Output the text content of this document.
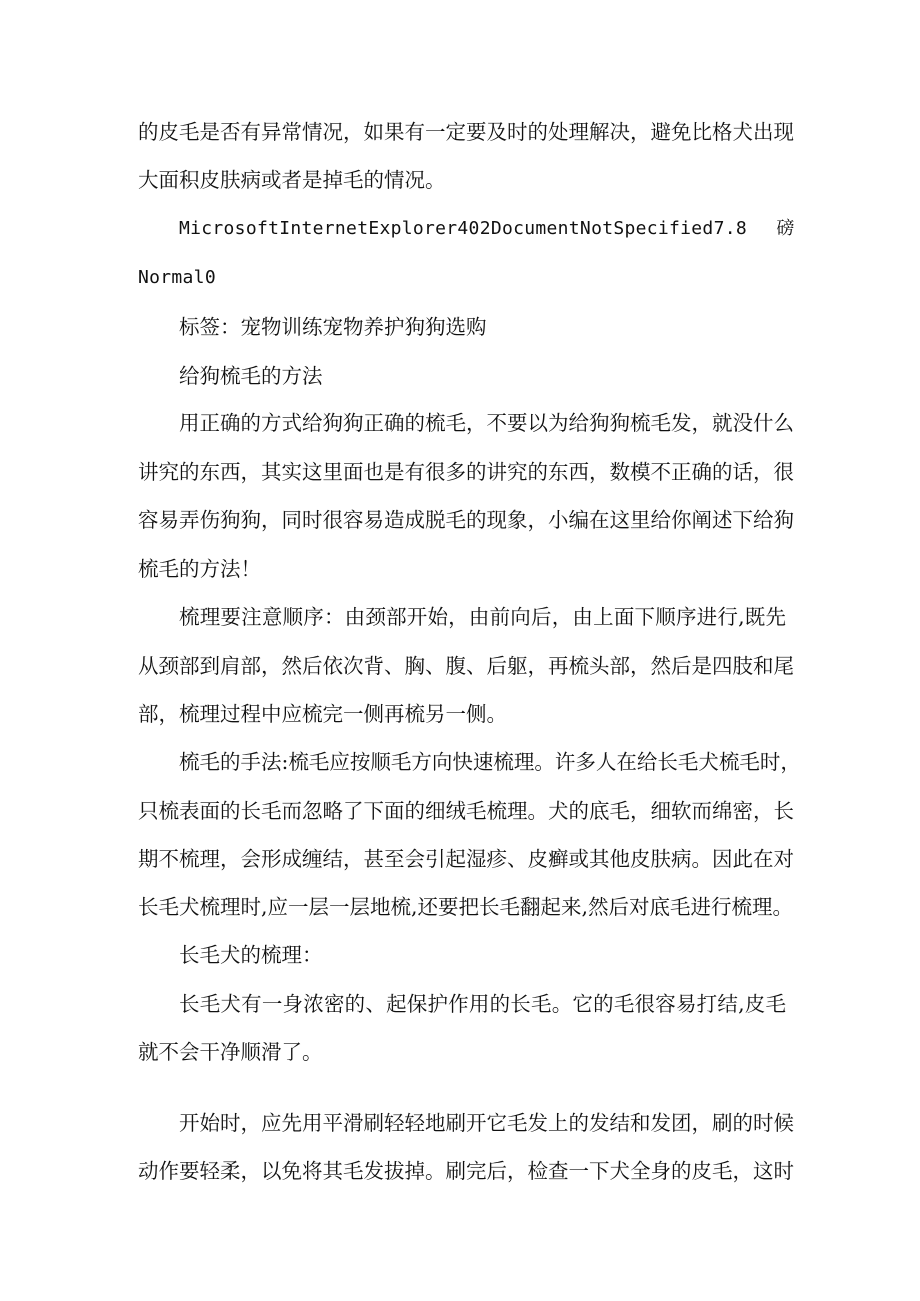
的皮毛是否有异常情况，如果有一定要及时的处理解决，避免比格犬出现
大面积皮肤病或者是掉毛的情况。
MicrosoftInternetExplorer402DocumentNotSpecified7.8　 磅
Normal0
标签：宠物训练宠物养护狗狗选购
给狗梳毛的方法
用正确的方式给狗狗正确的梳毛，不要以为给狗狗梳毛发，就没什么
讲究的东西，其实这里面也是有很多的讲究的东西，数模不正确的话，很
容易弄伤狗狗，同时很容易造成脱毛的现象，小编在这里给你阐述下给狗
梳毛的方法！
梳理要注意顺序：由颈部开始，由前向后，由上面下顺序进行,既先
从颈部到肩部，然后依次背、胸、腹、后躯，再梳头部，然后是四肢和尾
部，梳理过程中应梳完一侧再梳另一侧。
梳毛的手法:梳毛应按顺毛方向快速梳理。许多人在给长毛犬梳毛时，
只梳表面的长毛而忽略了下面的细绒毛梳理。犬的底毛，细软而绵密，长
期不梳理，会形成缠结，甚至会引起湿疹、皮癣或其他皮肤病。因此在对
长毛犬梳理时,应一层一层地梳,还要把长毛翻起来,然后对底毛进行梳理。
长毛犬的梳理：
长毛犬有一身浓密的、起保护作用的长毛。它的毛很容易打结,皮毛
就不会干净顺滑了。
开始时，应先用平滑刷轻轻地刷开它毛发上的发结和发团，刷的时候
动作要轻柔，以免将其毛发拔掉。刷完后，检查一下犬全身的皮毛，这时
